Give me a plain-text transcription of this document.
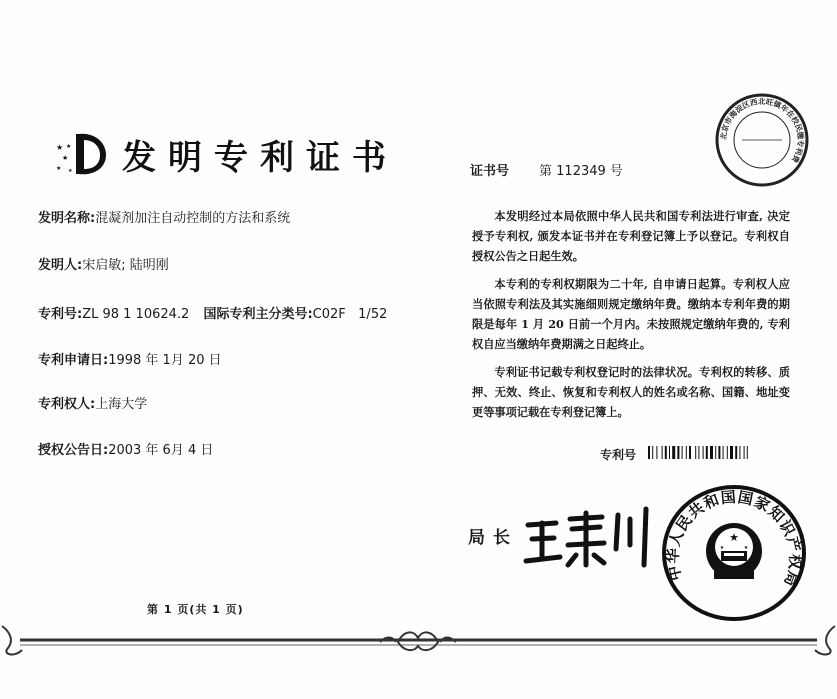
★
★
★
★
★ 发明专利证书
发明名称:混凝剂加注自动控制的方法和系统
发明人:宋启敏; 陆明刚
专利号:ZL 98 1 10624.2 国际专利主分类号:C02F   1/52
专利申请日:1998 年 1月 20 日
专利权人:上海大学
授权公告日:2003 年 6月 4 日
第 1 页(共 1 页)
北京市海淀区西北旺镇年在校民缴专利费
证书号 第 112349 号

本发明经过本局依照中华人民共和国专利法进行审查, 决定授予专利权, 颁发本证书并在专利登记簿上予以登记。专利权自授权公告之日起生效。

本专利的专利权期限为二十年, 自申请日起算。专利权人应当依照专利法及其实施细则规定缴纳年费。缴纳本专利年费的期限是每年 1 月 20 日前一个月内。未按照规定缴纳年费的, 专利权自应当缴纳年费期满之日起终止。

专利证书记载专利权登记时的法律状况。专利权的转移、质押、无效、终止、恢复和专利权人的姓名或名称、国籍、地址变更等事项记载在专利登记簿上。

专利号
局长
王景川
中华人民共和国国家知识产权局
★
★	★
